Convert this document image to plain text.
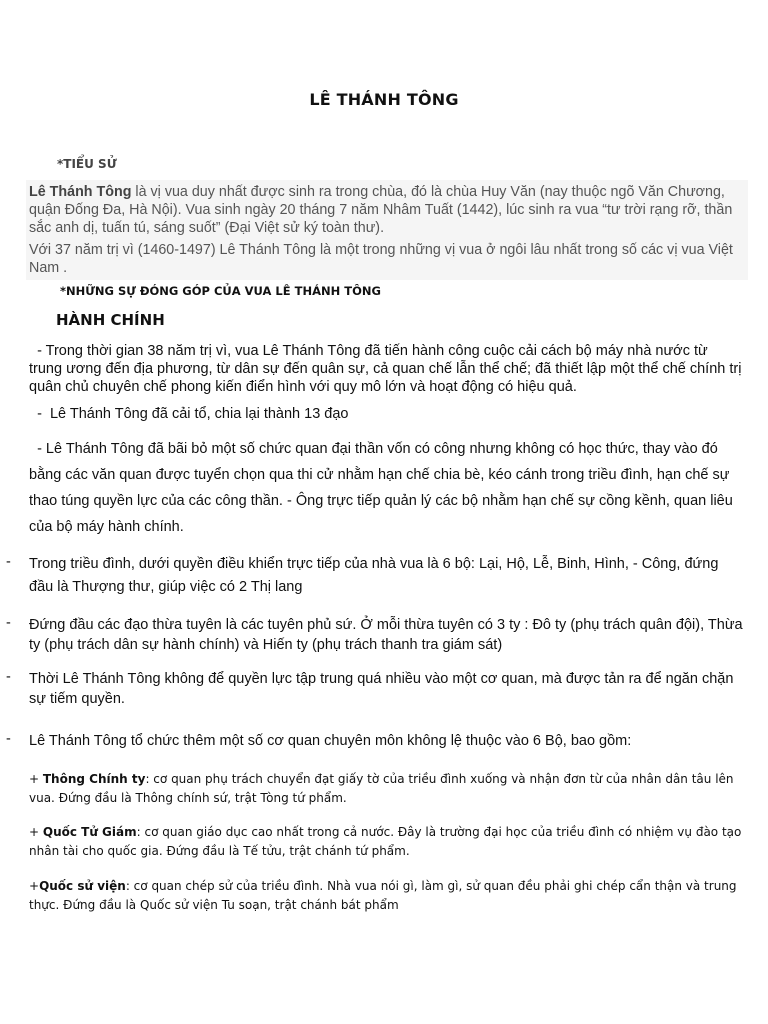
LÊ THÁNH TÔNG
*TIỂU SỬ

Lê Thánh Tông là vị vua duy nhất được sinh ra trong chùa, đó là chùa Huy Văn (nay thuộc ngõ Văn Chương, quận Đống Đa, Hà Nội). Vua sinh ngày 20 tháng 7 năm Nhâm Tuất (1442), lúc sinh ra vua “tư trời rạng rỡ, thần sắc anh dị, tuấn tú, sáng suốt” (Đại Việt sử ký toàn thư).

Với 37 năm trị vì (1460-1497) Lê Thánh Tông là một trong những vị vua ở ngôi lâu nhất trong số các vị vua Việt Nam .

*NHỮNG SỰ ĐÓNG GÓP CỦA VUA LÊ THÁNH TÔNG
HÀNH CHÍNH
- Trong thời gian 38 năm trị vì, vua Lê Thánh Tông đã tiến hành công cuộc cải cách bộ máy nhà nước từ trung ương đến địa phương, từ dân sự đến quân sự, cả quan chế lẫn thể chế; đã thiết lập một thể chế chính trị quân chủ chuyên chế phong kiến điển hình với quy mô lớn và hoạt động có hiệu quả.
-  Lê Thánh Tông đã cải tổ, chia lại thành 13 đạo
- Lê Thánh Tông đã bãi bỏ một số chức quan đại thần vốn có công nhưng không có học thức, thay vào đó bằng các văn quan được tuyển chọn qua thi cử nhằm hạn chế chia bè, kéo cánh trong triều đình, hạn chế sự thao túng quyền lực của các công thần. - Ông trực tiếp quản lý các bộ nhằm hạn chế sự cồng kềnh, quan liêu của bộ máy hành chính.
- Trong triều đình, dưới quyền điều khiển trực tiếp của nhà vua là 6 bộ: Lại, Hộ, Lễ, Binh, Hình, - Công, đứng đầu là Thượng thư, giúp việc có 2 Thị lang
- Đứng đầu các đạo thừa tuyên là các tuyên phủ sứ. Ở mỗi thừa tuyên có 3 ty : Đô ty (phụ trách quân đội), Thừa ty (phụ trách dân sự hành chính) và Hiến ty (phụ trách thanh tra giám sát)
- Thời Lê Thánh Tông không để quyền lực tập trung quá nhiều vào một cơ quan, mà được tản ra để ngăn chặn sự tiếm quyền.
- Lê Thánh Tông tổ chức thêm một số cơ quan chuyên môn không lệ thuộc vào 6 Bộ, bao gồm:
+ Thông Chính ty: cơ quan phụ trách chuyển đạt giấy tờ của triều đình xuống và nhận đơn từ của nhân dân tâu lên vua. Đứng đầu là Thông chính sứ, trật Tòng tứ phẩm.
+ Quốc Tử Giám: cơ quan giáo dục cao nhất trong cả nước. Đây là trường đại học của triều đình có nhiệm vụ đào tạo nhân tài cho quốc gia. Đứng đầu là Tế tửu, trật chánh tứ phẩm.
+Quốc sử viện: cơ quan chép sử của triều đình. Nhà vua nói gì, làm gì, sử quan đều phải ghi chép cẩn thận và trung thực. Đứng đầu là Quốc sử viện Tu soạn, trật chánh bát phẩm
